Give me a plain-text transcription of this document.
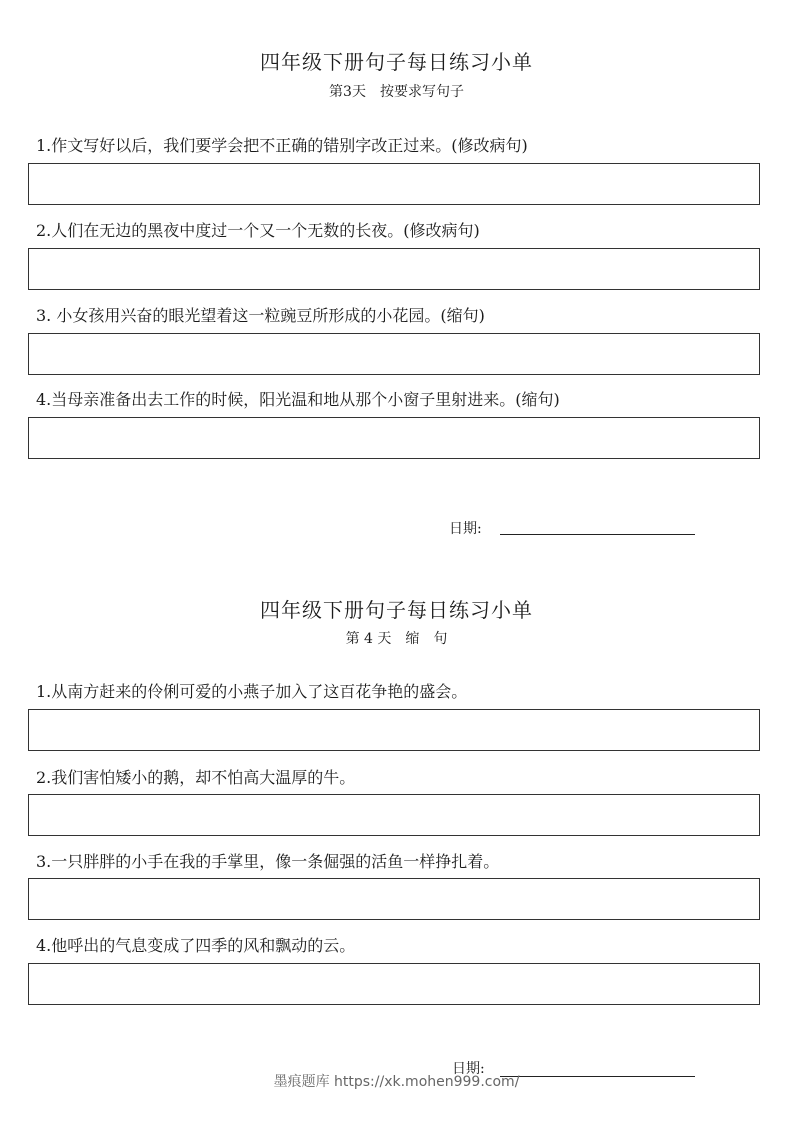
四年级下册句子每日练习小单
第3天　按要求写句子
1.作文写好以后，我们要学会把不正确的错别字改正过来。(修改病句)
2.人们在无边的黑夜中度过一个又一个无数的长夜。(修改病句)
3. 小女孩用兴奋的眼光望着这一粒豌豆所形成的小花园。(缩句)
4.当母亲准备出去工作的时候，阳光温和地从那个小窗子里射进来。(缩句)
日期:
四年级下册句子每日练习小单
第 4 天　缩　句
1.从南方赶来的伶俐可爱的小燕子加入了这百花争艳的盛会。
2.我们害怕矮小的鹅，却不怕高大温厚的牛。
3.一只胖胖的小手在我的手掌里，像一条倔强的活鱼一样挣扎着。
4.他呼出的气息变成了四季的风和飘动的云。
日期:
墨痕题库 https://xk.mohen999.com/
